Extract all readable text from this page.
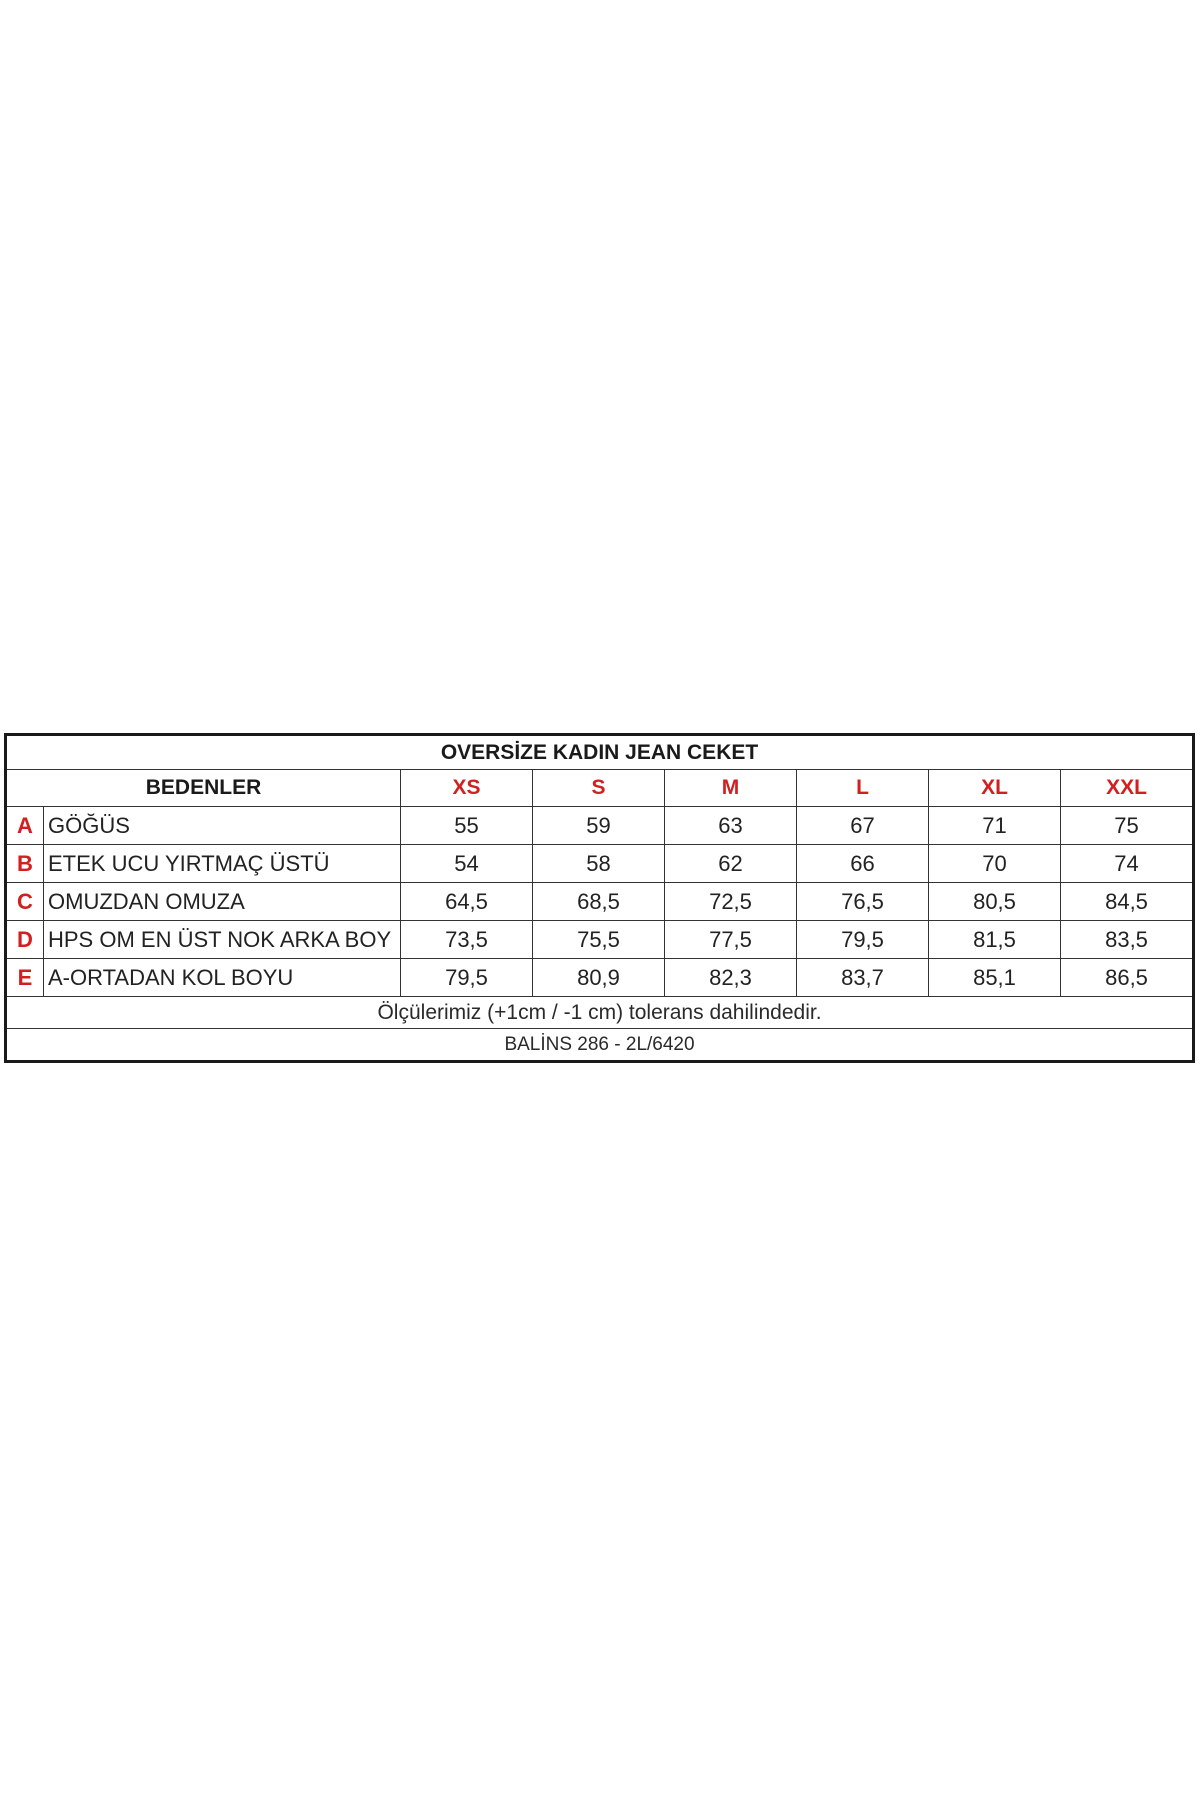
OVERSİZE KADIN JEAN CEKET							
BEDENLER		XS	S	M	L	XL	XXL
A	GÖĞÜS	55	59	63	67	71	75
B	ETEK UCU YIRTMAÇ ÜSTÜ	54	58	62	66	70	74
C	OMUZDAN OMUZA	64,5	68,5	72,5	76,5	80,5	84,5
D	HPS OM EN ÜST NOK ARKA BOY	73,5	75,5	77,5	79,5	81,5	83,5
E	A-ORTADAN KOL BOYU	79,5	80,9	82,3	83,7	85,1	86,5
Ölçülerimiz (+1cm / -1 cm) tolerans dahilindedir.							
BALİNS 286 - 2L/6420							
